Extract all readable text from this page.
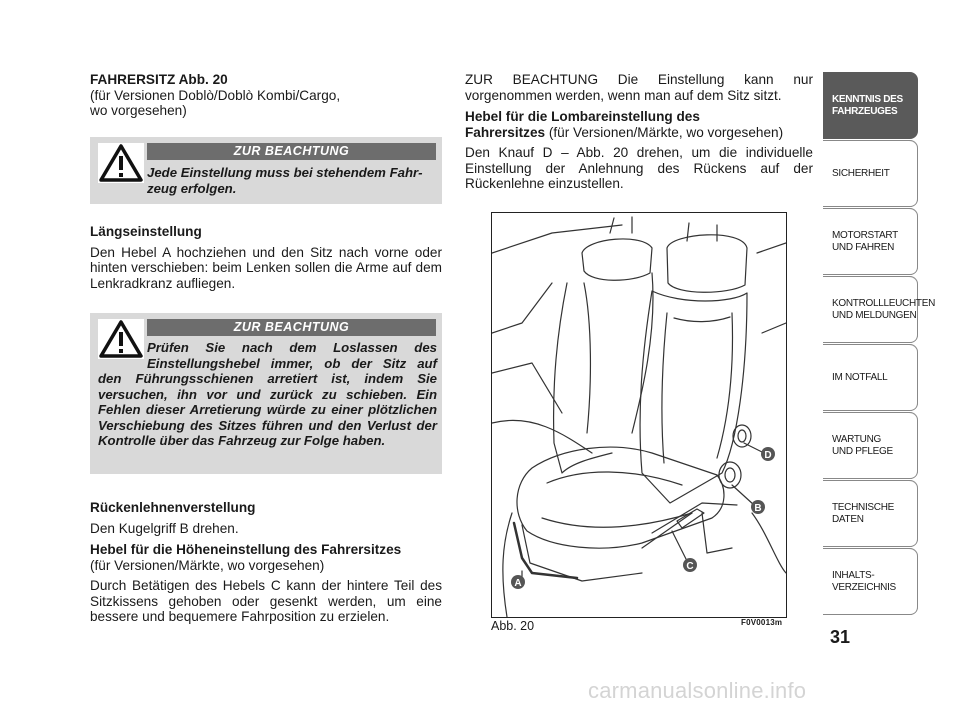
FAHRERSITZ Abb. 20

(für Versionen Doblò/Doblò Kombi/Cargo,

wo vorgesehen)

ZUR BEACHTUNG
Jede Einstellung muss bei stehendem Fahr-
zeug erfolgen.

Längseinstellung

Den Hebel A hochziehen und den Sitz nach vorne oder hinten verschieben: beim Lenken sollen die Arme auf dem Lenkradkranz aufliegen.

ZUR BEACHTUNG
Prüfen Sie nach dem Loslassen des
Einstellungshebel immer, ob der Sitz auf
den Führungsschienen arretiert ist, indem Sie versuchen, ihn vor und zurück zu schieben. Ein Fehlen dieser Arretierung würde zu einer plötzlichen Verschiebung des Sitzes führen und den Verlust der Kontrolle über das Fahrzeug zur Folge haben.

Rückenlehnenverstellung

Den Kugelgriff B drehen.

Hebel für die Höheneinstellung des Fahrersitzes

(für Versionen/Märkte, wo vorgesehen)

Durch Betätigen des Hebels C kann der hintere Teil des Sitzkissens gehoben oder gesenkt werden, um eine bessere und bequemere Fahrposition zu erzielen.

ZUR BEACHTUNG Die Einstellung kann nur vorgenommen werden, wenn man auf dem Sitz sitzt.

Hebel für die Lombareinstellung des

Fahrersitzes (für Versionen/Märkte, wo vorgesehen)

Den Knauf D – Abb. 20 drehen, um die individuelle Einstellung der Anlehnung des Rückens auf der Rückenlehne einzustellen.

D
B
C
A
Abb. 20	F0V0013m
KENNTNIS DES
FAHRZEUGES
SICHERHEIT
MOTORSTART
UND FAHREN
KONTROLLLEUCHTEN
UND MELDUNGEN
IM NOTFALL
WARTUNG
UND PFLEGE
TECHNISCHE DATEN
INHALTS-
VERZEICHNIS
31
carmanualsonline.info
